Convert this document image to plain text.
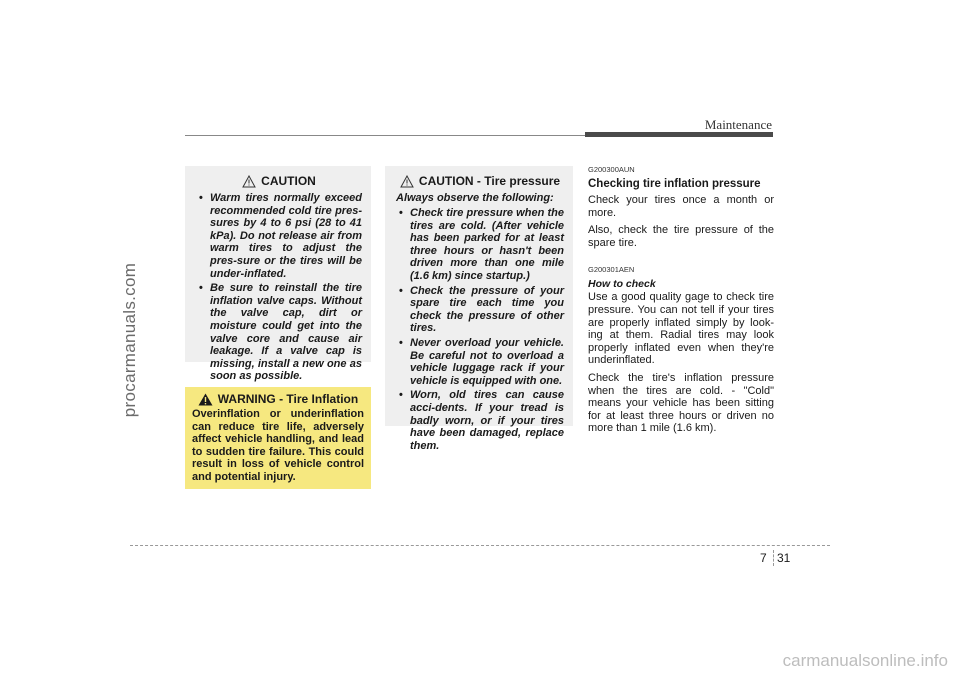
procarmanuals.com
carmanualsonline.info
Maintenance
CAUTION
• Warm tires normally exceed recommended cold tire pres-sures by 4 to 6 psi (28 to 41 kPa). Do not release air from warm tires to adjust the pres-sure or the tires will be under-inflated.
• Be sure to reinstall the tire inflation valve caps. Without the valve cap, dirt or moisture could get into the valve core and cause air leakage. If a valve cap is missing, install a new one as soon as possible.
WARNING - Tire Inflation

Overinflation or underinflation can reduce tire life, adversely affect vehicle handling, and lead to sudden tire failure. This could result in loss of vehicle control and potential injury.

CAUTION - Tire pressure

Always observe the following:

• Check tire pressure when the tires are cold. (After vehicle has been parked for at least three hours or hasn't been driven more than one mile (1.6 km) since startup.)
• Check the pressure of your spare tire each time you check the pressure of other tires.
• Never overload your vehicle. Be careful not to overload a vehicle luggage rack if your vehicle is equipped with one.
• Worn, old tires can cause acci-dents. If your tread is badly worn, or if your tires have been damaged, replace them.

G200300AUN

Checking tire inflation pressure

Check your tires once a month or more.

Also, check the tire pressure of the spare tire.

G200301AEN

How to check

Use a good quality gage to check tire pressure. You can not tell if your tires are properly inflated simply by look-ing at them. Radial tires may look properly inflated even when they're underinflated.

Check the tire's inflation pressure when the tires are cold. - "Cold" means your vehicle has been sitting for at least three hours or driven no more than 1 mile (1.6 km).

7 31
